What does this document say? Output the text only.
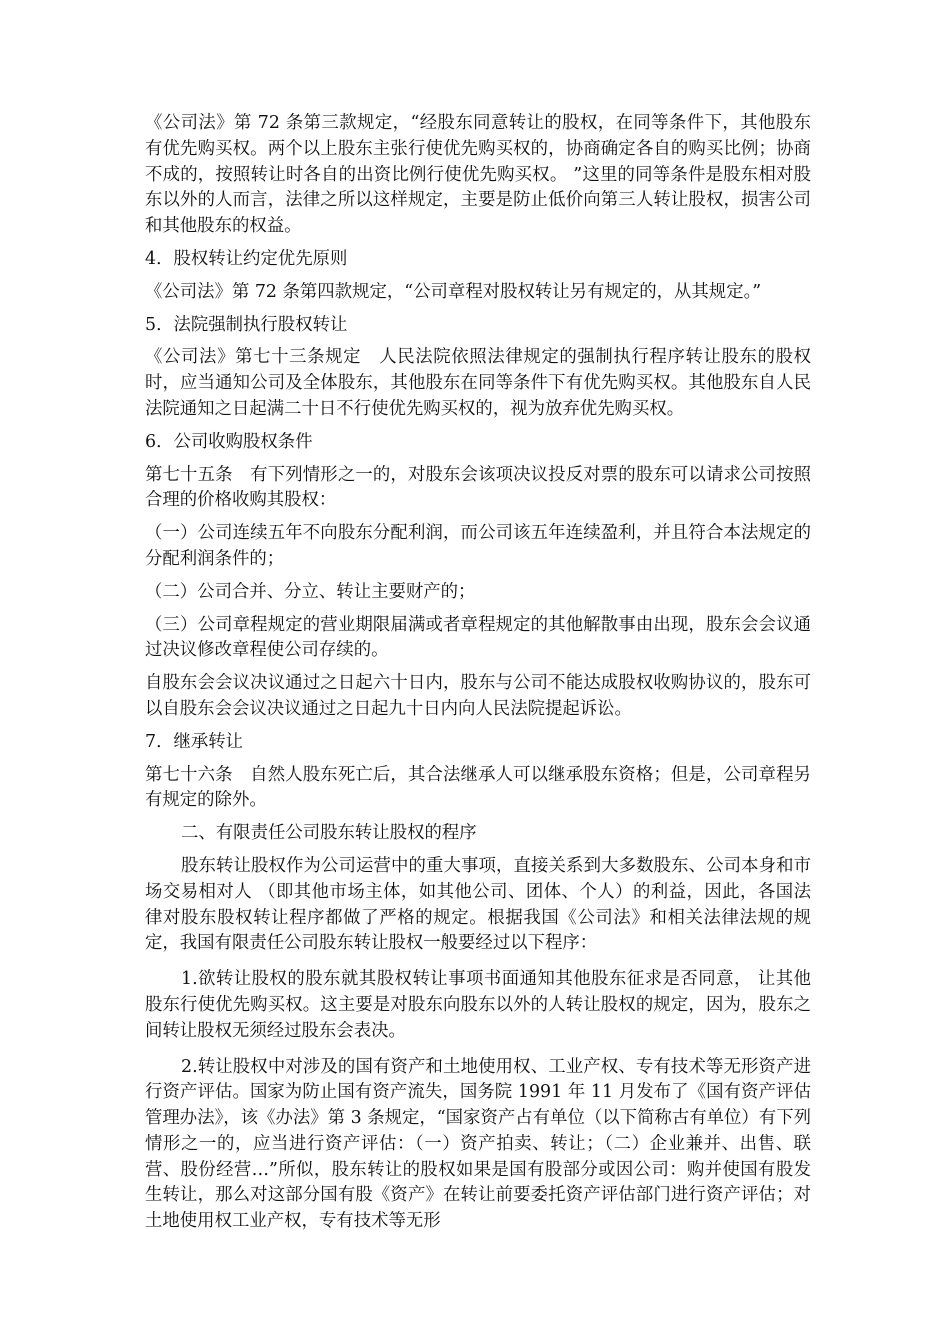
《公司法》第 72 条第三款规定，“经股东同意转让的股权，在同等条件下，其他股东有优先购买权。两个以上股东主张行使优先购买权的，协商确定各自的购买比例；协商不成的，按照转让时各自的出资比例行使优先购买权。 ”这里的同等条件是股东相对股东以外的人而言，法律之所以这样规定，主要是防止低价向第三人转让股权，损害公司和其他股东的权益。

4．股权转让约定优先原则

《公司法》第 72 条第四款规定，“公司章程对股权转让另有规定的，从其规定。”

5．法院强制执行股权转让

《公司法》第七十三条规定　人民法院依照法律规定的强制执行程序转让股东的股权时，应当通知公司及全体股东，其他股东在同等条件下有优先购买权。其他股东自人民法院通知之日起满二十日不行使优先购买权的，视为放弃优先购买权。

6．公司收购股权条件

第七十五条　有下列情形之一的，对股东会该项决议投反对票的股东可以请求公司按照合理的价格收购其股权：

（一）公司连续五年不向股东分配利润，而公司该五年连续盈利，并且符合本法规定的分配利润条件的；

（二）公司合并、分立、转让主要财产的；

（三）公司章程规定的营业期限届满或者章程规定的其他解散事由出现，股东会会议通过决议修改章程使公司存续的。

自股东会会议决议通过之日起六十日内，股东与公司不能达成股权收购协议的，股东可以自股东会会议决议通过之日起九十日内向人民法院提起诉讼。

7．继承转让

第七十六条　自然人股东死亡后，其合法继承人可以继承股东资格；但是，公司章程另有规定的除外。

二、有限责任公司股东转让股权的程序

股东转让股权作为公司运营中的重大事项，直接关系到大多数股东、公司本身和市场交易相对人 （即其他市场主体，如其他公司、团体、个人）的利益，因此，各国法律对股东股权转让程序都做了严格的规定。根据我国《公司法》和相关法律法规的规定，我国有限责任公司股东转让股权一般要经过以下程序：

1.欲转让股权的股东就其股权转让事项书面通知其他股东征求是否同意， 让其他股东行使优先购买权。这主要是对股东向股东以外的人转让股权的规定，因为，股东之间转让股权无须经过股东会表决。

2.转让股权中对涉及的国有资产和土地使用权、工业产权、专有技术等无形资产进行资产评估。国家为防止国有资产流失，国务院 1991 年 11 月发布了《国有资产评估管理办法》，该《办法》第 3 条规定，“国家资产占有单位（以下简称古有单位）有下列情形之一的，应当进行资产评估：（一）资产拍卖、转让；（二）企业兼并、出售、联营、股份经营…”所似，股东转让的股权如果是国有股部分或因公司：购并使国有股发生转让，那么对这部分国有股《资产》在转让前要委托资产评估部门进行资产评估；对土地使用权工业产权，专有技术等无形
